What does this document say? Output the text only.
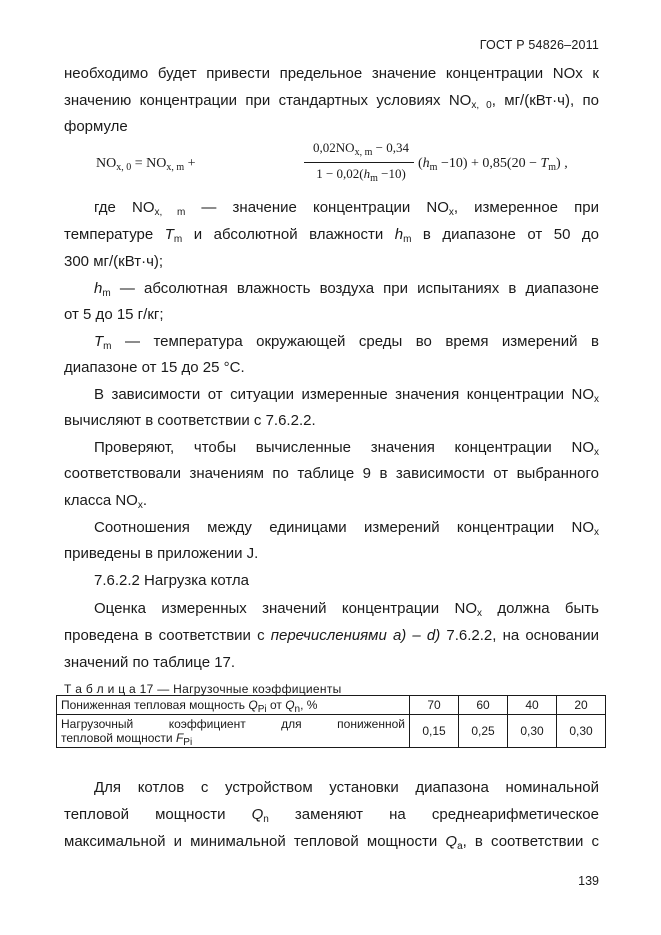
ГОСТ Р 54826–2011
необходимо будет привести предельное значение концентрации NOx к
значению концентрации при стандартных условиях $NO_{x, 0}$, мг/(кВт·ч), по
формуле
$NO_{x, 0} = NO_{x, m}$ +
$0,02NO_{x, m} - 0,34$
$1 - 0,02(h_m -10)$
$(h_m -10) + 0,85(20 - T_m)$ ,
где $NO_{x, m}$ — значение концентрации $NO_x$, измеренное при
температуре $T_m$ и абсолютной влажности $h_m$ в диапазоне от 50 до
300 мг/(кВт·ч);
$h_m$ — абсолютная влажность воздуха при испытаниях в диапазоне
от 5 до 15 г/кг;
$T_m$ — температура окружающей среды во время измерений в
диапазоне от 15 до 25 °C.
В зависимости от ситуации измеренные значения концентрации $NO_x$
вычисляют в соответствии с 7.6.2.2.
Проверяют, чтобы вычисленные значения концентрации $NO_x$
соответствовали значениям по таблице 9 в зависимости от выбранного
класса $NO_x$.
Соотношения между единицами измерений концентрации $NO_x$
приведены в приложении J.
7.6.2.2 Нагрузка котла
Оценка измеренных значений концентрации $NO_x$ должна быть
проведена в соответствии с перечислениями a) – d) 7.6.2.2, на основании
значений по таблице 17.
Т а б л и ц а 17 — Нагрузочные коэффициенты
Пониженная тепловая мощность $Q_{Pi}$ от $Q_n$, %	70	60	40	20

Нагрузочный коэффициент для пониженной
тепловой мощности $F_{Pi}$	0,15	0,25	0,30	0,30
Для котлов с устройством установки диапазона номинальной
тепловой мощности $Q_n$ заменяют на среднеарифметическое
максимальной и минимальной тепловой мощности $Q_a$, в соответствии с
139
